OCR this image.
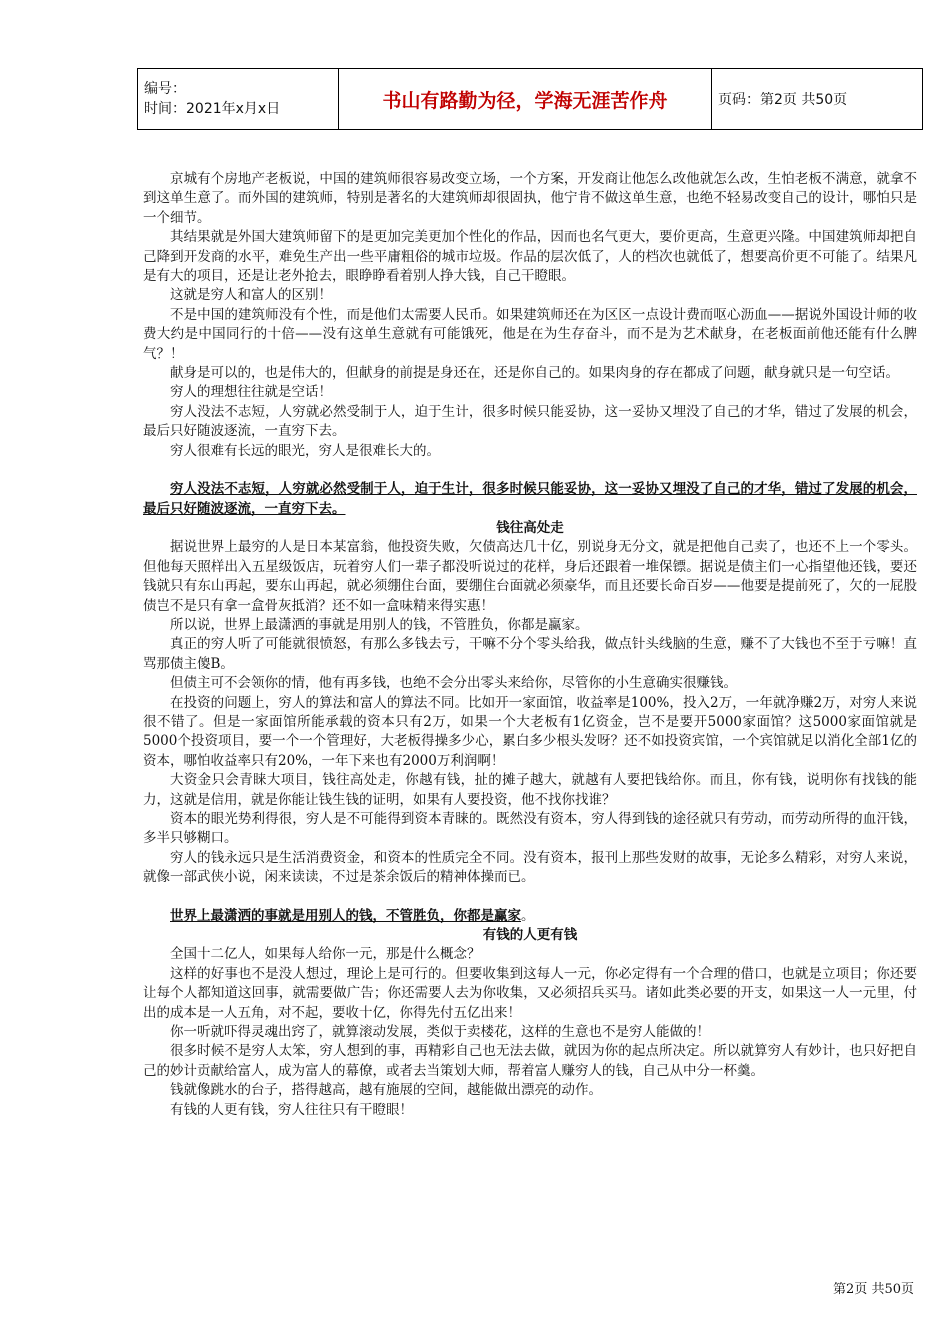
编号：
时间：2021年x月x日	书山有路勤为径，学海无涯苦作舟	页码：第2页 共50页

京城有个房地产老板说，中国的建筑师很容易改变立场，一个方案，开发商让他怎么改他就怎么改，生怕老板不满意，就拿不到这单生意了。而外国的建筑师，特别是著名的大建筑师却很固执，他宁肯不做这单生意，也绝不轻易改变自己的设计，哪怕只是一个细节。

其结果就是外国大建筑师留下的是更加完美更加个性化的作品，因而也名气更大，要价更高，生意更兴隆。中国建筑师却把自己降到开发商的水平，难免生产出一些平庸粗俗的城市垃圾。作品的层次低了，人的档次也就低了，想要高价更不可能了。结果凡是有大的项目，还是让老外抢去，眼睁睁看着别人挣大钱，自己干瞪眼。

这就是穷人和富人的区别！

不是中国的建筑师没有个性，而是他们太需要人民币。如果建筑师还在为区区一点设计费而呕心沥血——据说外国设计师的收费大约是中国同行的十倍——没有这单生意就有可能饿死，他是在为生存奋斗，而不是为艺术献身，在老板面前他还能有什么脾气？！

献身是可以的，也是伟大的，但献身的前提是身还在，还是你自己的。如果肉身的存在都成了问题，献身就只是一句空话。

穷人的理想往往就是空话！

穷人没法不志短，人穷就必然受制于人，迫于生计，很多时候只能妥协，这一妥协又埋没了自己的才华，错过了发展的机会，最后只好随波逐流，一直穷下去。

穷人很难有长远的眼光，穷人是很难长大的。

穷人没法不志短，人穷就必然受制于人，迫于生计，很多时候只能妥协，这一妥协又埋没了自己的才华，错过了发展的机会，最后只好随波逐流，一直穷下去。

钱往高处走

据说世界上最穷的人是日本某富翁，他投资失败，欠债高达几十亿，别说身无分文，就是把他自己卖了，也还不上一个零头。但他每天照样出入五星级饭店，玩着穷人们一辈子都没听说过的花样，身后还跟着一堆保镖。据说是债主们一心指望他还钱，要还钱就只有东山再起，要东山再起，就必须绷住台面，要绷住台面就必须豪华，而且还要长命百岁——他要是提前死了，欠的一屁股债岂不是只有拿一盒骨灰抵消？还不如一盒味精来得实惠！

所以说，世界上最潇洒的事就是用别人的钱，不管胜负，你都是赢家。

真正的穷人听了可能就很愤怒，有那么多钱去亏，干嘛不分个零头给我，做点针头线脑的生意，赚不了大钱也不至于亏嘛！直骂那债主傻B。

但债主可不会领你的情，他有再多钱，也绝不会分出零头来给你，尽管你的小生意确实很赚钱。

在投资的问题上，穷人的算法和富人的算法不同。比如开一家面馆，收益率是100%，投入2万，一年就净赚2万，对穷人来说很不错了。但是一家面馆所能承载的资本只有2万，如果一个大老板有1亿资金，岂不是要开5000家面馆？这5000家面馆就是5000个投资项目，要一个一个管理好，大老板得操多少心，累白多少根头发呀？还不如投资宾馆，一个宾馆就足以消化全部1亿的资本，哪怕收益率只有20%，一年下来也有2000万利润啊！

大资金只会青睐大项目，钱往高处走，你越有钱，扯的摊子越大，就越有人要把钱给你。而且，你有钱，说明你有找钱的能力，这就是信用，就是你能让钱生钱的证明，如果有人要投资，他不找你找谁？

资本的眼光势利得很，穷人是不可能得到资本青睐的。既然没有资本，穷人得到钱的途径就只有劳动，而劳动所得的血汗钱，多半只够糊口。

穷人的钱永远只是生活消费资金，和资本的性质完全不同。没有资本，报刊上那些发财的故事，无论多么精彩，对穷人来说，就像一部武侠小说，闲来读读，不过是茶余饭后的精神体操而已。

世界上最潇洒的事就是用别人的钱，不管胜负，你都是赢家。

有钱的人更有钱

全国十二亿人，如果每人给你一元，那是什么概念？

这样的好事也不是没人想过，理论上是可行的。但要收集到这每人一元，你必定得有一个合理的借口，也就是立项目；你还要让每个人都知道这回事，就需要做广告；你还需要人去为你收集，又必须招兵买马。诸如此类必要的开支，如果这一人一元里，付出的成本是一人五角，对不起，要收十亿，你得先付五亿出来！

你一听就吓得灵魂出窍了，就算滚动发展，类似于卖楼花，这样的生意也不是穷人能做的！

很多时候不是穷人太笨，穷人想到的事，再精彩自己也无法去做，就因为你的起点所决定。所以就算穷人有妙计，也只好把自己的妙计贡献给富人，成为富人的幕僚，或者去当策划大师，帮着富人赚穷人的钱，自己从中分一杯羹。

钱就像跳水的台子，搭得越高，越有施展的空间，越能做出漂亮的动作。

有钱的人更有钱，穷人往往只有干瞪眼！

第2页 共50页
